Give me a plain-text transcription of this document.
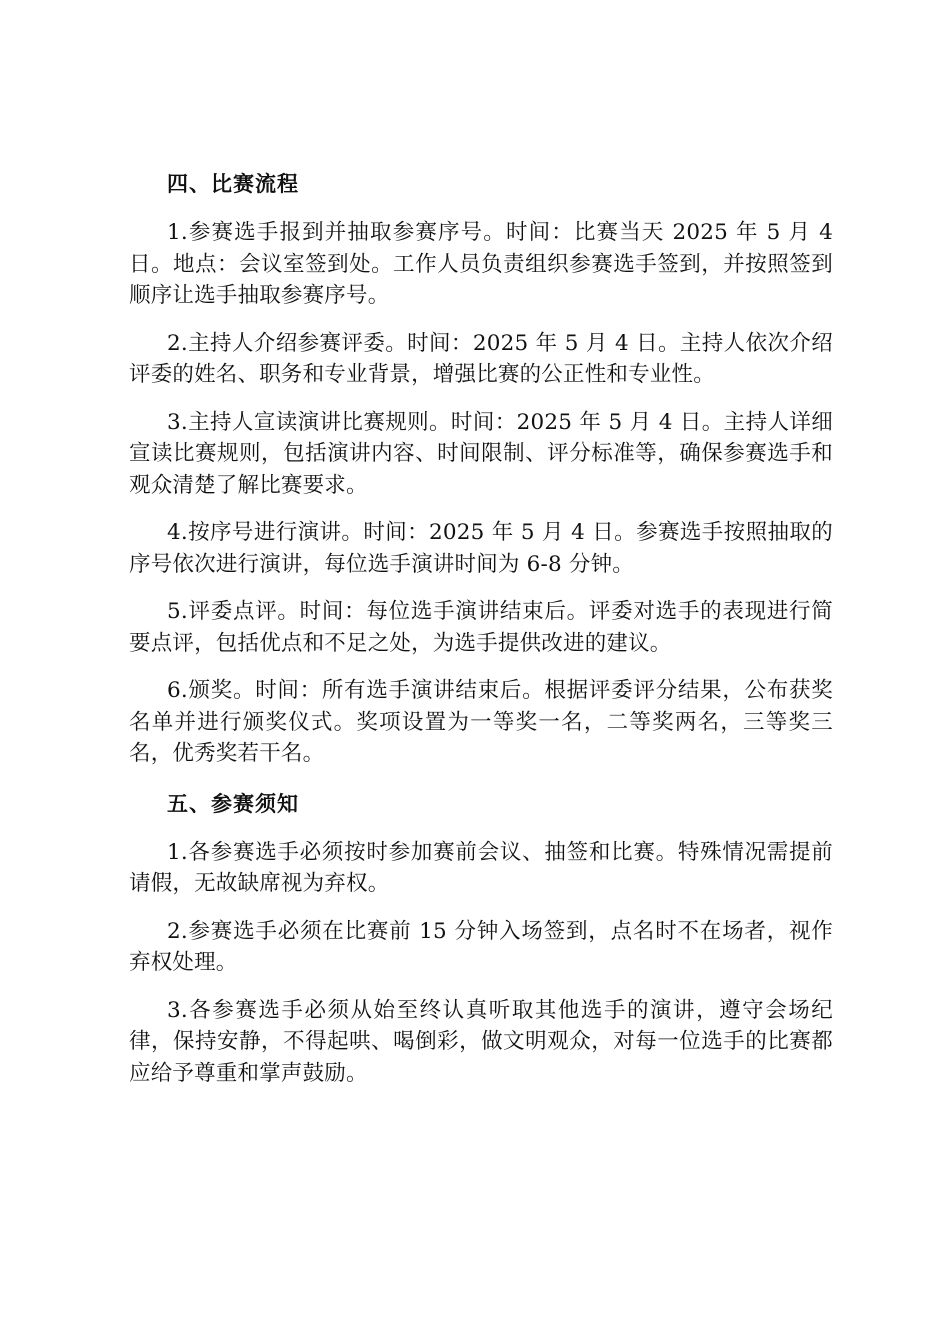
四、比赛流程

1.参赛选手报到并抽取参赛序号。时间：比赛当天 2025 年 5 月 4 日。地点：会议室签到处。工作人员负责组织参赛选手签到，并按照签到顺序让选手抽取参赛序号。

2.主持人介绍参赛评委。时间：2025 年 5 月 4 日。主持人依次介绍评委的姓名、职务和专业背景，增强比赛的公正性和专业性。

3.主持人宣读演讲比赛规则。时间：2025 年 5 月 4 日。主持人详细宣读比赛规则，包括演讲内容、时间限制、评分标准等，确保参赛选手和观众清楚了解比赛要求。

4.按序号进行演讲。时间：2025 年 5 月 4 日。参赛选手按照抽取的序号依次进行演讲，每位选手演讲时间为 6-8 分钟。

5.评委点评。时间：每位选手演讲结束后。评委对选手的表现进行简要点评，包括优点和不足之处，为选手提供改进的建议。

6.颁奖。时间：所有选手演讲结束后。根据评委评分结果，公布获奖名单并进行颁奖仪式。奖项设置为一等奖一名，二等奖两名，三等奖三名，优秀奖若干名。

五、参赛须知

1.各参赛选手必须按时参加赛前会议、抽签和比赛。特殊情况需提前请假，无故缺席视为弃权。

2.参赛选手必须在比赛前 15 分钟入场签到，点名时不在场者，视作弃权处理。

3.各参赛选手必须从始至终认真听取其他选手的演讲，遵守会场纪律，保持安静，不得起哄、喝倒彩，做文明观众，对每一位选手的比赛都应给予尊重和掌声鼓励。
